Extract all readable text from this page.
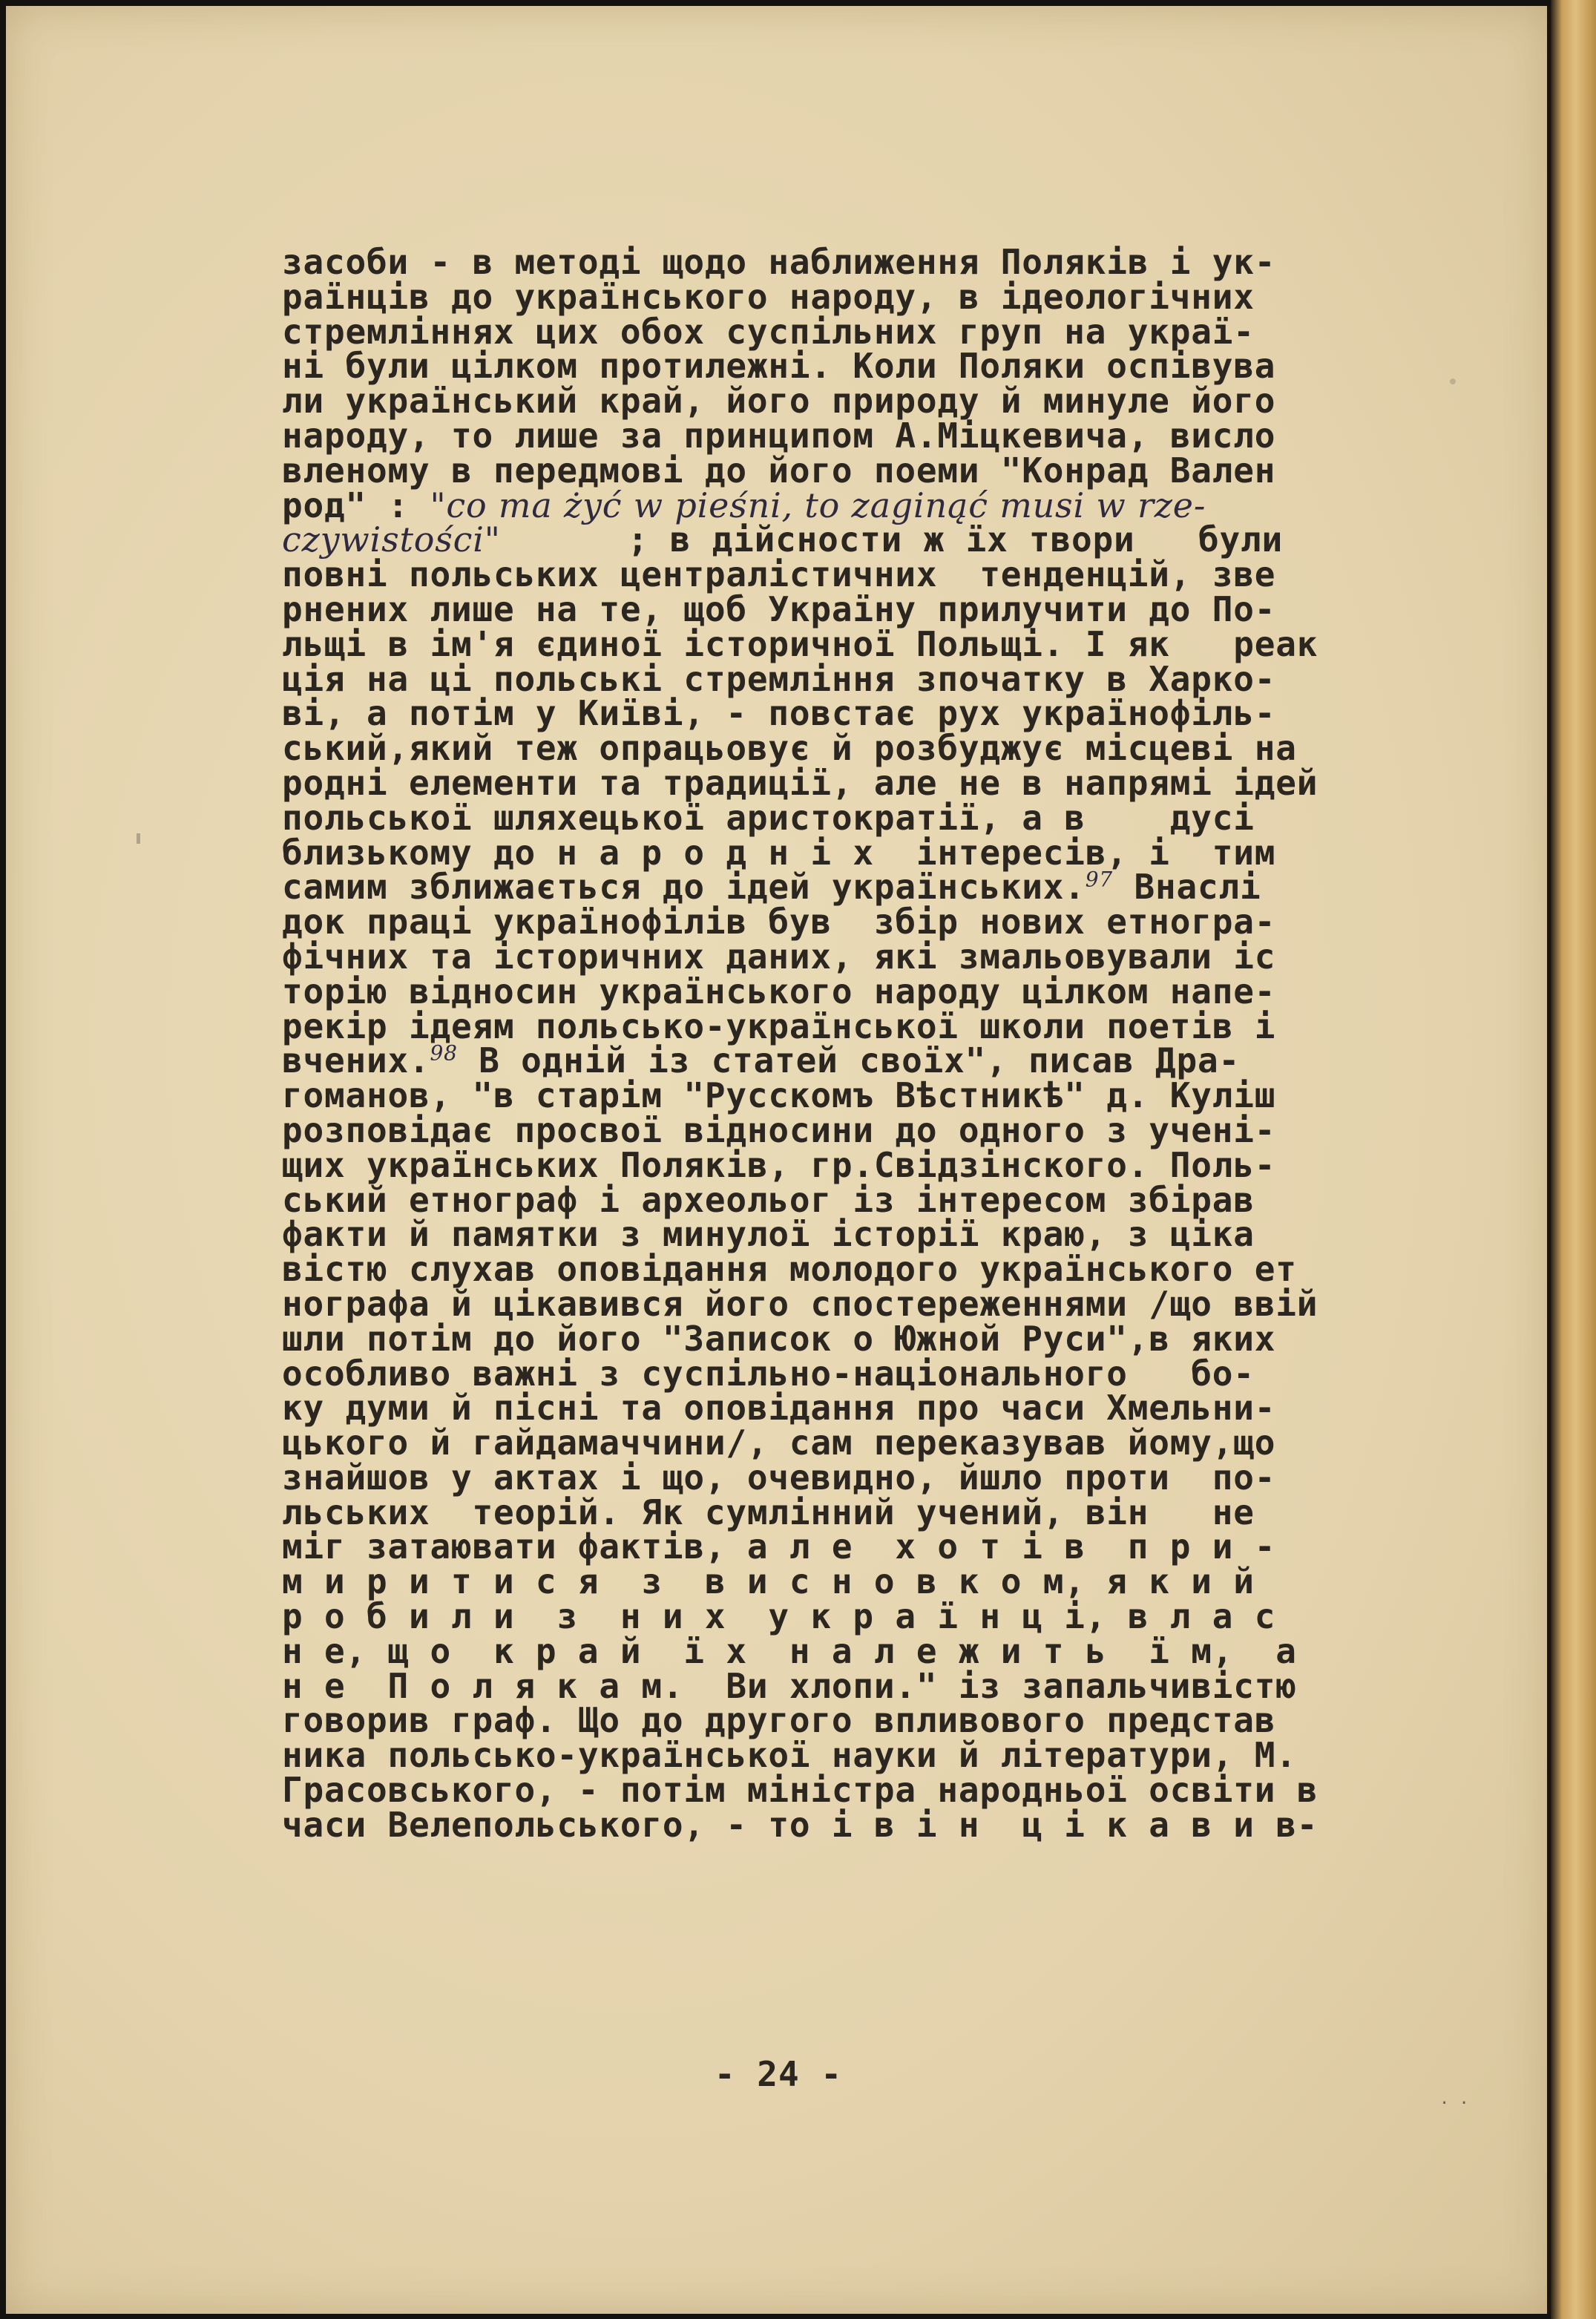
засоби - в методі щодо наближення Поляків і ук-
раїнців до українського народу, в ідеологічних
стремліннях цих обох суспільних груп на украї-
ні були цілком протилежні. Коли Поляки оспівува
ли український край, його природу й минуле його
народу, то лише за принципом А.Міцкевича, висло
вленому в передмові до його поеми "Конрад Вален
род" : "co ma żyć w pieśni, to zaginąć musi w rze-
czywistości"      ; в дійсности ж їх твори   були
повні польських централістичних  тенденцій, зве
рнених лише на те, щоб Україну прилучити до По-
льщі в ім'я єдиної історичної Польщі. І як   реак
ція на ці польські стремління зпочатку в Харко-
ві, а потім у Київі, - повстає рух українофіль-
ський,який теж опрацьовує й розбуджує місцеві на
родні елементи та традиції, але не в напрямі ідей
польської шляхецької аристократії, а в    дусі
близькому до н а р о д н і х  інтересів, і  тим
самим зближається до ідей українських.$^{97}$ Внаслі
док праці українофілів був  збір нових етногра-
фічних та історичних даних, які змальовували іс
торію відносин українського народу цілком напе-
рекір ідеям польсько-української школи поетів і
вчених.$^{98}$ В одній із статей своїх", писав Дра-
гоманов, "в старім "Русскомъ Вѣстникѣ" д. Куліш
розповідає просвої відносини до одного з учені-
щих українських Поляків, гр.Свідзінского. Поль-
ський етнограф і археольог із інтересом збірав
факти й памятки з минулої історії краю, з ціка
вістю слухав оповідання молодого українського ет
нографа й цікавився його спостереженнями /що ввій
шли потім до його "Записок о Южной Руси",в яких
особливо важні з суспільно-національного   бо-
ку думи й пісні та оповідання про часи Хмельни-
цького й гайдамаччини/, сам переказував йому,що
знайшов у актах і що, очевидно, йшло проти  по-
льських  теорій. Як сумлінний учений, він   не
міг затаювати фактів, а л е  х о т і в  п р и -
м и р и т и с я  з  в и с н о в к о м, я к и й
р о б и л и  з  н и х  у к р а ї н ц і, в л а с
н е, щ о  к р а й  ї х  н а л е ж и т ь  ї м,  а
н е  П о л я к а м.  Ви хлопи." із запальчивістю
говорив граф. Що до другого впливового представ
ника польсько-української науки й літератури, М.
Грасовського, - потім міністра народньої освіти в
часи Велепольського, - то і в і н  ц і к а в и в-
- 24 -
· ·
